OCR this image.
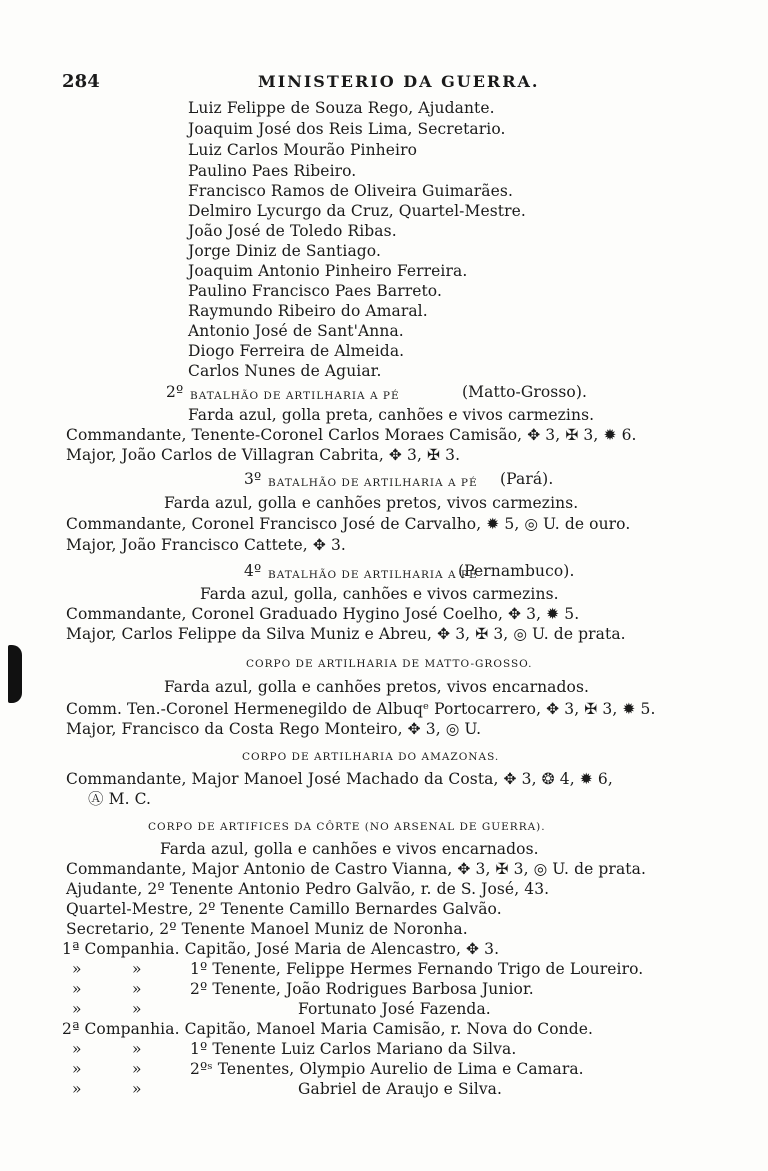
284	MINISTERIO DA GUERRA.
Luiz Felippe de Souza Rego, Ajudante.
Joaquim José dos Reis Lima, Secretario.
Luiz Carlos Mourão Pinheiro
Paulino Paes Ribeiro.
Francisco Ramos de Oliveira Guimarães.
Delmiro Lycurgo da Cruz, Quartel-Mestre.
João José de Toledo Ribas.
Jorge Diniz de Santiago.
Joaquim Antonio Pinheiro Ferreira.
Paulino Francisco Paes Barreto.
Raymundo Ribeiro do Amaral.
Antonio José de Sant'Anna.
Diogo Ferreira de Almeida.
Carlos Nunes de Aguiar.
2º BATALHÃO DE ARTILHARIA A PÉ	(Matto-Grosso).
Farda azul, golla preta, canhões e vivos carmezins.
Commandante, Tenente-Coronel Carlos Moraes Camisão, ✥ 3, ✠ 3, ✹ 6.
Major, João Carlos de Villagran Cabrita, ✥ 3, ✠ 3.
3º BATALHÃO DE ARTILHARIA A PÉ (Pará).
Farda azul, golla e canhões pretos, vivos carmezins.
Commandante, Coronel Francisco José de Carvalho, ✹ 5, ◎ U. de ouro.
Major, João Francisco Cattete, ✥ 3.
4º BATALHÃO DE ARTILHARIA A PÉ
(Pernambuco).
Farda azul, golla, canhões e vivos carmezins.
Commandante, Coronel Graduado Hygino José Coelho, ✥ 3, ✹ 5.
Major, Carlos Felippe da Silva Muniz e Abreu, ✥ 3, ✠ 3, ◎ U. de prata.
CORPO DE ARTILHARIA DE MATTO-GROSSO.
Farda azul, golla e canhões pretos, vivos encarnados.
Comm. Ten.-Coronel Hermenegildo de Albuqᵉ Portocarrero, ✥ 3, ✠ 3, ✹ 5.
Major, Francisco da Costa Rego Monteiro, ✥ 3, ◎ U.
CORPO DE ARTILHARIA DO AMAZONAS.
Commandante, Major Manoel José Machado da Costa, ✥ 3, ❂ 4, ✹ 6,
Ⓐ M. C.
CORPO DE ARTIFICES DA CÔRTE (NO ARSENAL DE GUERRA).
Farda azul, golla e canhões e vivos encarnados.
Commandante, Major Antonio de Castro Vianna, ✥ 3, ✠ 3, ◎ U. de prata.
Ajudante, 2º Tenente Antonio Pedro Galvão, r. de S. José, 43.
Quartel-Mestre, 2º Tenente Camillo Bernardes Galvão.
Secretario, 2º Tenente Manoel Muniz de Noronha.
1ª Companhia. Capitão, José Maria de Alencastro, ✥ 3.
»	»	1º Tenente, Felippe Hermes Fernando Trigo de Loureiro.
»	»	2º Tenente, João Rodrigues Barbosa Junior.
»	»	Fortunato José Fazenda.
2ª Companhia. Capitão, Manoel Maria Camisão, r. Nova do Conde.
»	»	1º Tenente Luiz Carlos Mariano da Silva.
»	»	2ºˢ Tenentes, Olympio Aurelio de Lima e Camara.
»	»	Gabriel de Araujo e Silva.
